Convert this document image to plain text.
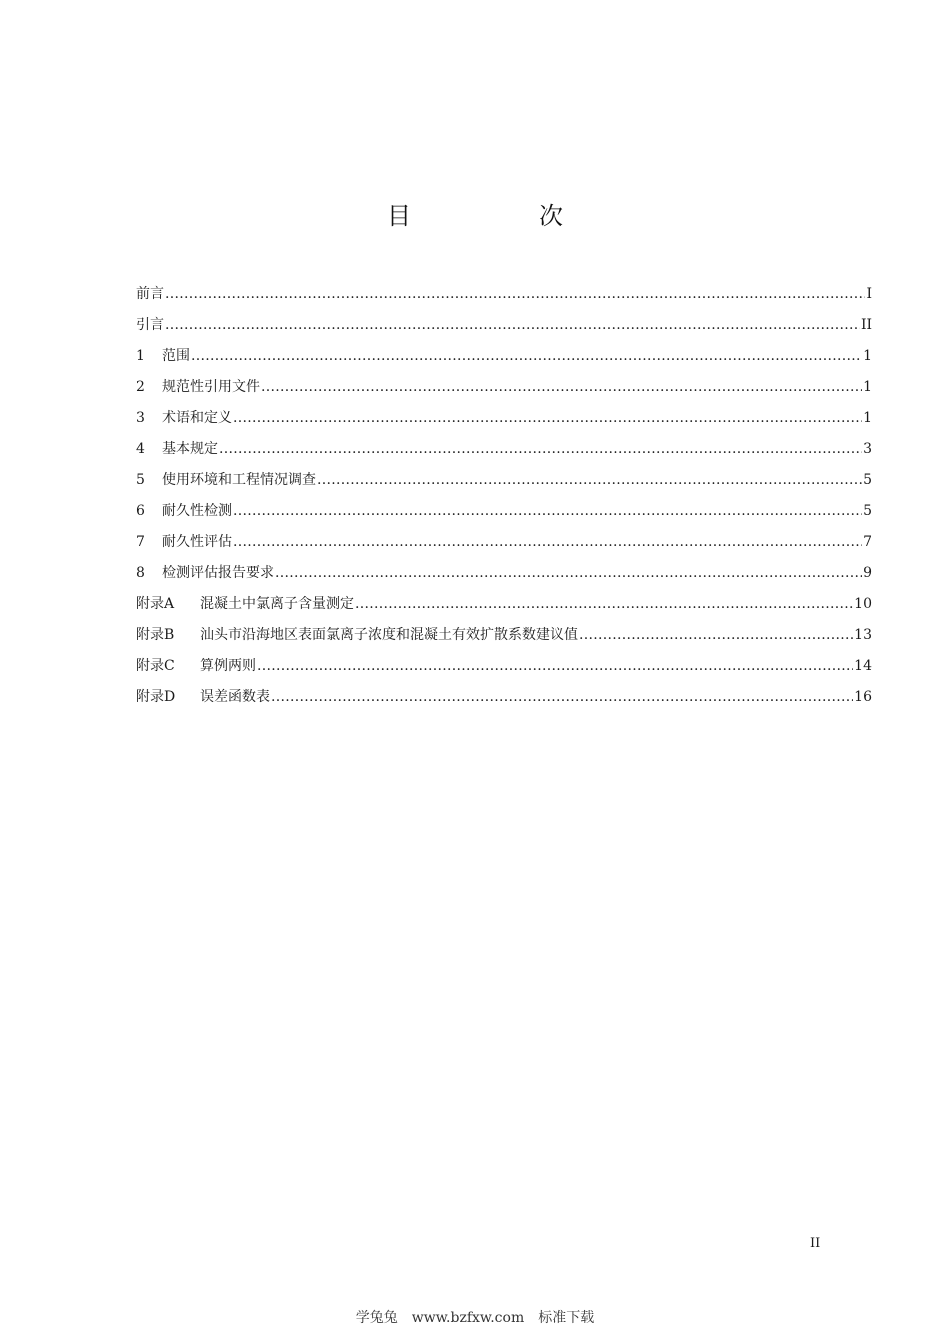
目　次
前言 .....	I
引言 .....	II
1	范围 .....	1
2	规范性引用文件 .....	1
3	术语和定义 .....	1
4	基本规定 .....	3
5	使用环境和工程情况调查 .....	5
6	耐久性检测 .....	5
7	耐久性评估 .....	7
8	检测评估报告要求 .....	9
附录A	混凝土中氯离子含量测定 .....	10
附录B	汕头市沿海地区表面氯离子浓度和混凝土有效扩散系数建议值 .....	13
附录C	算例两则 .....	14
附录D	误差函数表 .....	16
II
学兔兔　www.bzfxw.com　标准下载
